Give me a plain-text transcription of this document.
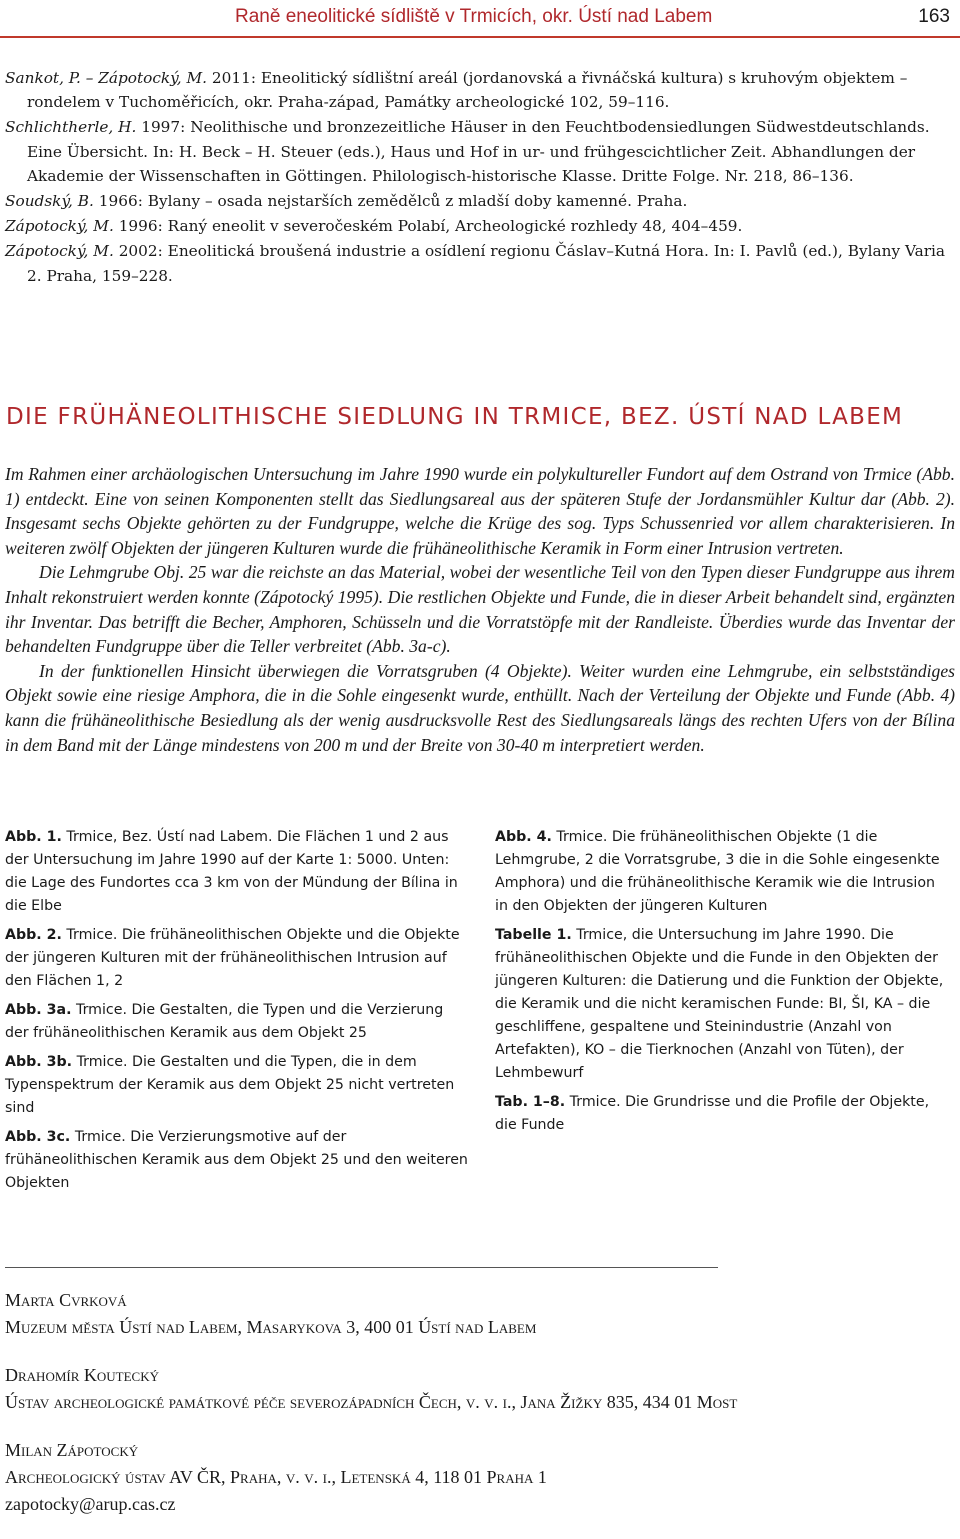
Raně eneolitické sídliště v Trmicích, okr. Ústí nad Labem	163

Sankot, P. – Zápotocký, M. 2011: Eneolitický sídlištní areál (jordanovská a řivnáčská kultura) s kruhovým objektem –rondelem v Tuchoměřicích, okr. Praha-západ, Památky archeologické 102, 59–116.

Schlichtherle, H. 1997: Neolithische und bronzezeitliche Häuser in den Feuchtbodensiedlungen Südwestdeutschlands. Eine Übersicht. In: H. Beck – H. Steuer (eds.), Haus und Hof in ur- und frühgescichtlicher Zeit. Abhandlungen der Akademie der Wissenschaften in Göttingen. Philologisch-historische Klasse. Dritte Folge. Nr. 218, 86–136.

Soudský, B. 1966: Bylany – osada nejstarších zemědělců z mladší doby kamenné. Praha.

Zápotocký, M. 1996: Raný eneolit v severočeském Polabí, Archeologické rozhledy 48, 404–459.

Zápotocký, M. 2002: Eneolitická broušená industrie a osídlení regionu Čáslav–Kutná Hora. In: I. Pavlů (ed.), Bylany Varia 2. Praha, 159–228.

DIE FRÜHÄNEOLITHISCHE SIEDLUNG IN TRMICE, BEZ. ÚSTÍ NAD LABEM

Im Rahmen einer archäologischen Untersuchung im Jahre 1990 wurde ein polykultureller Fundort auf dem Ostrand von Trmice (Abb. 1) entdeckt. Eine von seinen Komponenten stellt das Siedlungsareal aus der späteren Stufe der Jordansmühler Kultur dar (Abb. 2). Insgesamt sechs Objekte gehörten zu der Fundgruppe, welche die Krüge des sog. Typs Schussenried vor allem charakterisieren. In weiteren zwölf Objekten der jüngeren Kulturen wurde die frühäneolithische Keramik in Form einer Intrusion vertreten.

Die Lehmgrube Obj. 25 war die reichste an das Material, wobei der wesentliche Teil von den Typen dieser Fundgruppe aus ihrem Inhalt rekonstruiert werden konnte (Zápotocký 1995). Die restlichen Objekte und Funde, die in dieser Arbeit behandelt sind, ergänzten ihr Inventar. Das betrifft die Becher, Amphoren, Schüsseln und die Vorratstöpfe mit der Randleiste. Überdies wurde das Inventar der behandelten Fundgruppe über die Teller verbreitet (Abb. 3a-c).

In der funktionellen Hinsicht überwiegen die Vorratsgruben (4 Objekte). Weiter wurden eine Lehmgrube, ein selbstständiges Objekt sowie eine riesige Amphora, die in die Sohle eingesenkt wurde, enthüllt. Nach der Verteilung der Objekte und Funde (Abb. 4) kann die frühäneolithische Besiedlung als der wenig ausdrucksvolle Rest des Siedlungsareals längs des rechten Ufers von der Bílina in dem Band mit der Länge mindestens von 200 m und der Breite von 30-40 m interpretiert werden.

Abb. 1. Trmice, Bez. Ústí nad Labem. Die Flächen 1 und 2 aus der Untersuchung im Jahre 1990 auf der Karte 1: 5000. Unten: die Lage des Fundortes cca 3 km von der Mündung der Bílina in die Elbe

Abb. 2. Trmice. Die frühäneolithischen Objekte und die Objekte der jüngeren Kulturen mit der frühäneolithischen Intrusion auf den Flächen 1, 2

Abb. 3a. Trmice. Die Gestalten, die Typen und die Verzierung der frühäneolithischen Keramik aus dem Objekt 25

Abb. 3b. Trmice. Die Gestalten und die Typen, die in dem Typenspektrum der Keramik aus dem Objekt 25 nicht vertreten sind

Abb. 3c. Trmice. Die Verzierungsmotive auf der frühäneolithischen Keramik aus dem Objekt 25 und den weiteren Objekten

Abb. 4. Trmice. Die frühäneolithischen Objekte (1 die Lehmgrube, 2 die Vorratsgrube, 3 die in die Sohle eingesenkte Amphora) und die frühäneolithische Keramik wie die Intrusion in den Objekten der jüngeren Kulturen

Tabelle 1. Trmice, die Untersuchung im Jahre 1990. Die frühäneolithischen Objekte und die Funde in den Objekten der jüngeren Kulturen: die Datierung und die Funktion der Objekte, die Keramik und die nicht keramischen Funde: BI, ŠI, KA – die geschliffene, gespaltene und Steinindustrie (Anzahl von Artefakten), KO – die Tierknochen (Anzahl von Tüten), der Lehmbewurf

Tab. 1–8. Trmice. Die Grundrisse und die Profile der Objekte, die Funde

Marta Cvrková
Muzeum města Ústí nad Labem, Masarykova 3, 400 01 Ústí nad Labem
Drahomír Koutecký
Ústav archeologické památkové péče severozápadních Čech, v. v. i., Jana Žižky 835, 434 01 Most
Milan Zápotocký
Archeologický ústav AV ČR, Praha, v. v. i., Letenská 4, 118 01 Praha 1
zapotocky@arup.cas.cz
